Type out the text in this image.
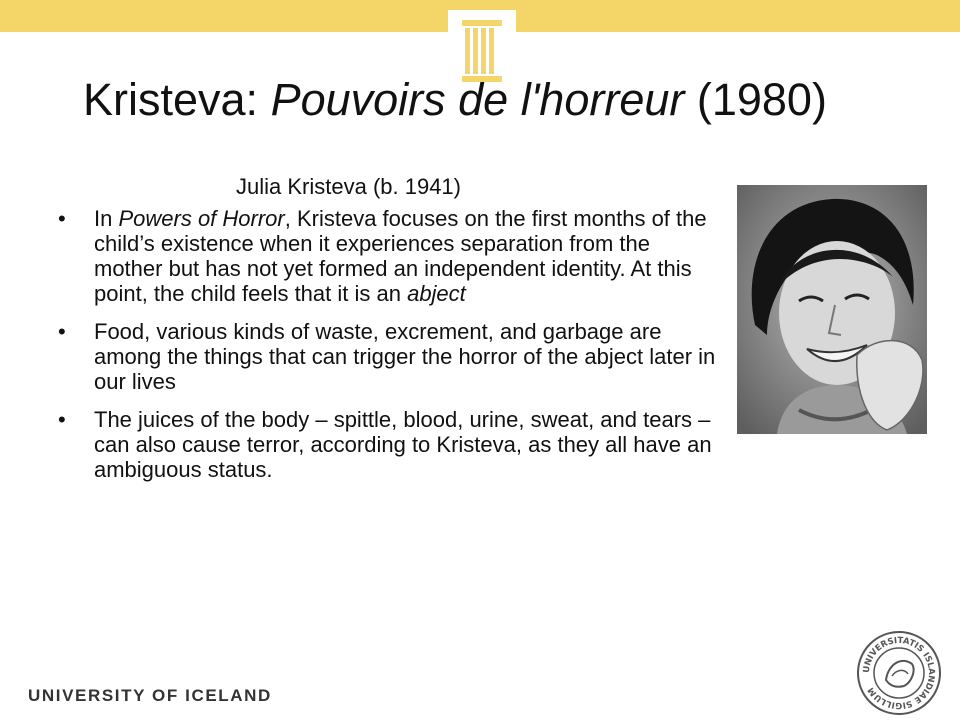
Kristeva: Pouvoirs de l'horreur (1980)
Julia Kristeva (b. 1941)
• In Powers of Horror, Kristeva focuses on the first months of the child’s existence when it experiences separation from the mother but has not yet formed an independent identity. At this point, the child feels that it is an abject
• Food, various kinds of waste, excrement, and garbage are among the things that can trigger the horror of the abject later in our lives
• The juices of the body – spittle, blood, urine, sweat, and tears – can also cause terror, according to Kristeva, as they all have an ambiguous status.
UNIVERSITY OF ICELAND
UNIVERSITATIS ISLANDIAE SIGILLUM
